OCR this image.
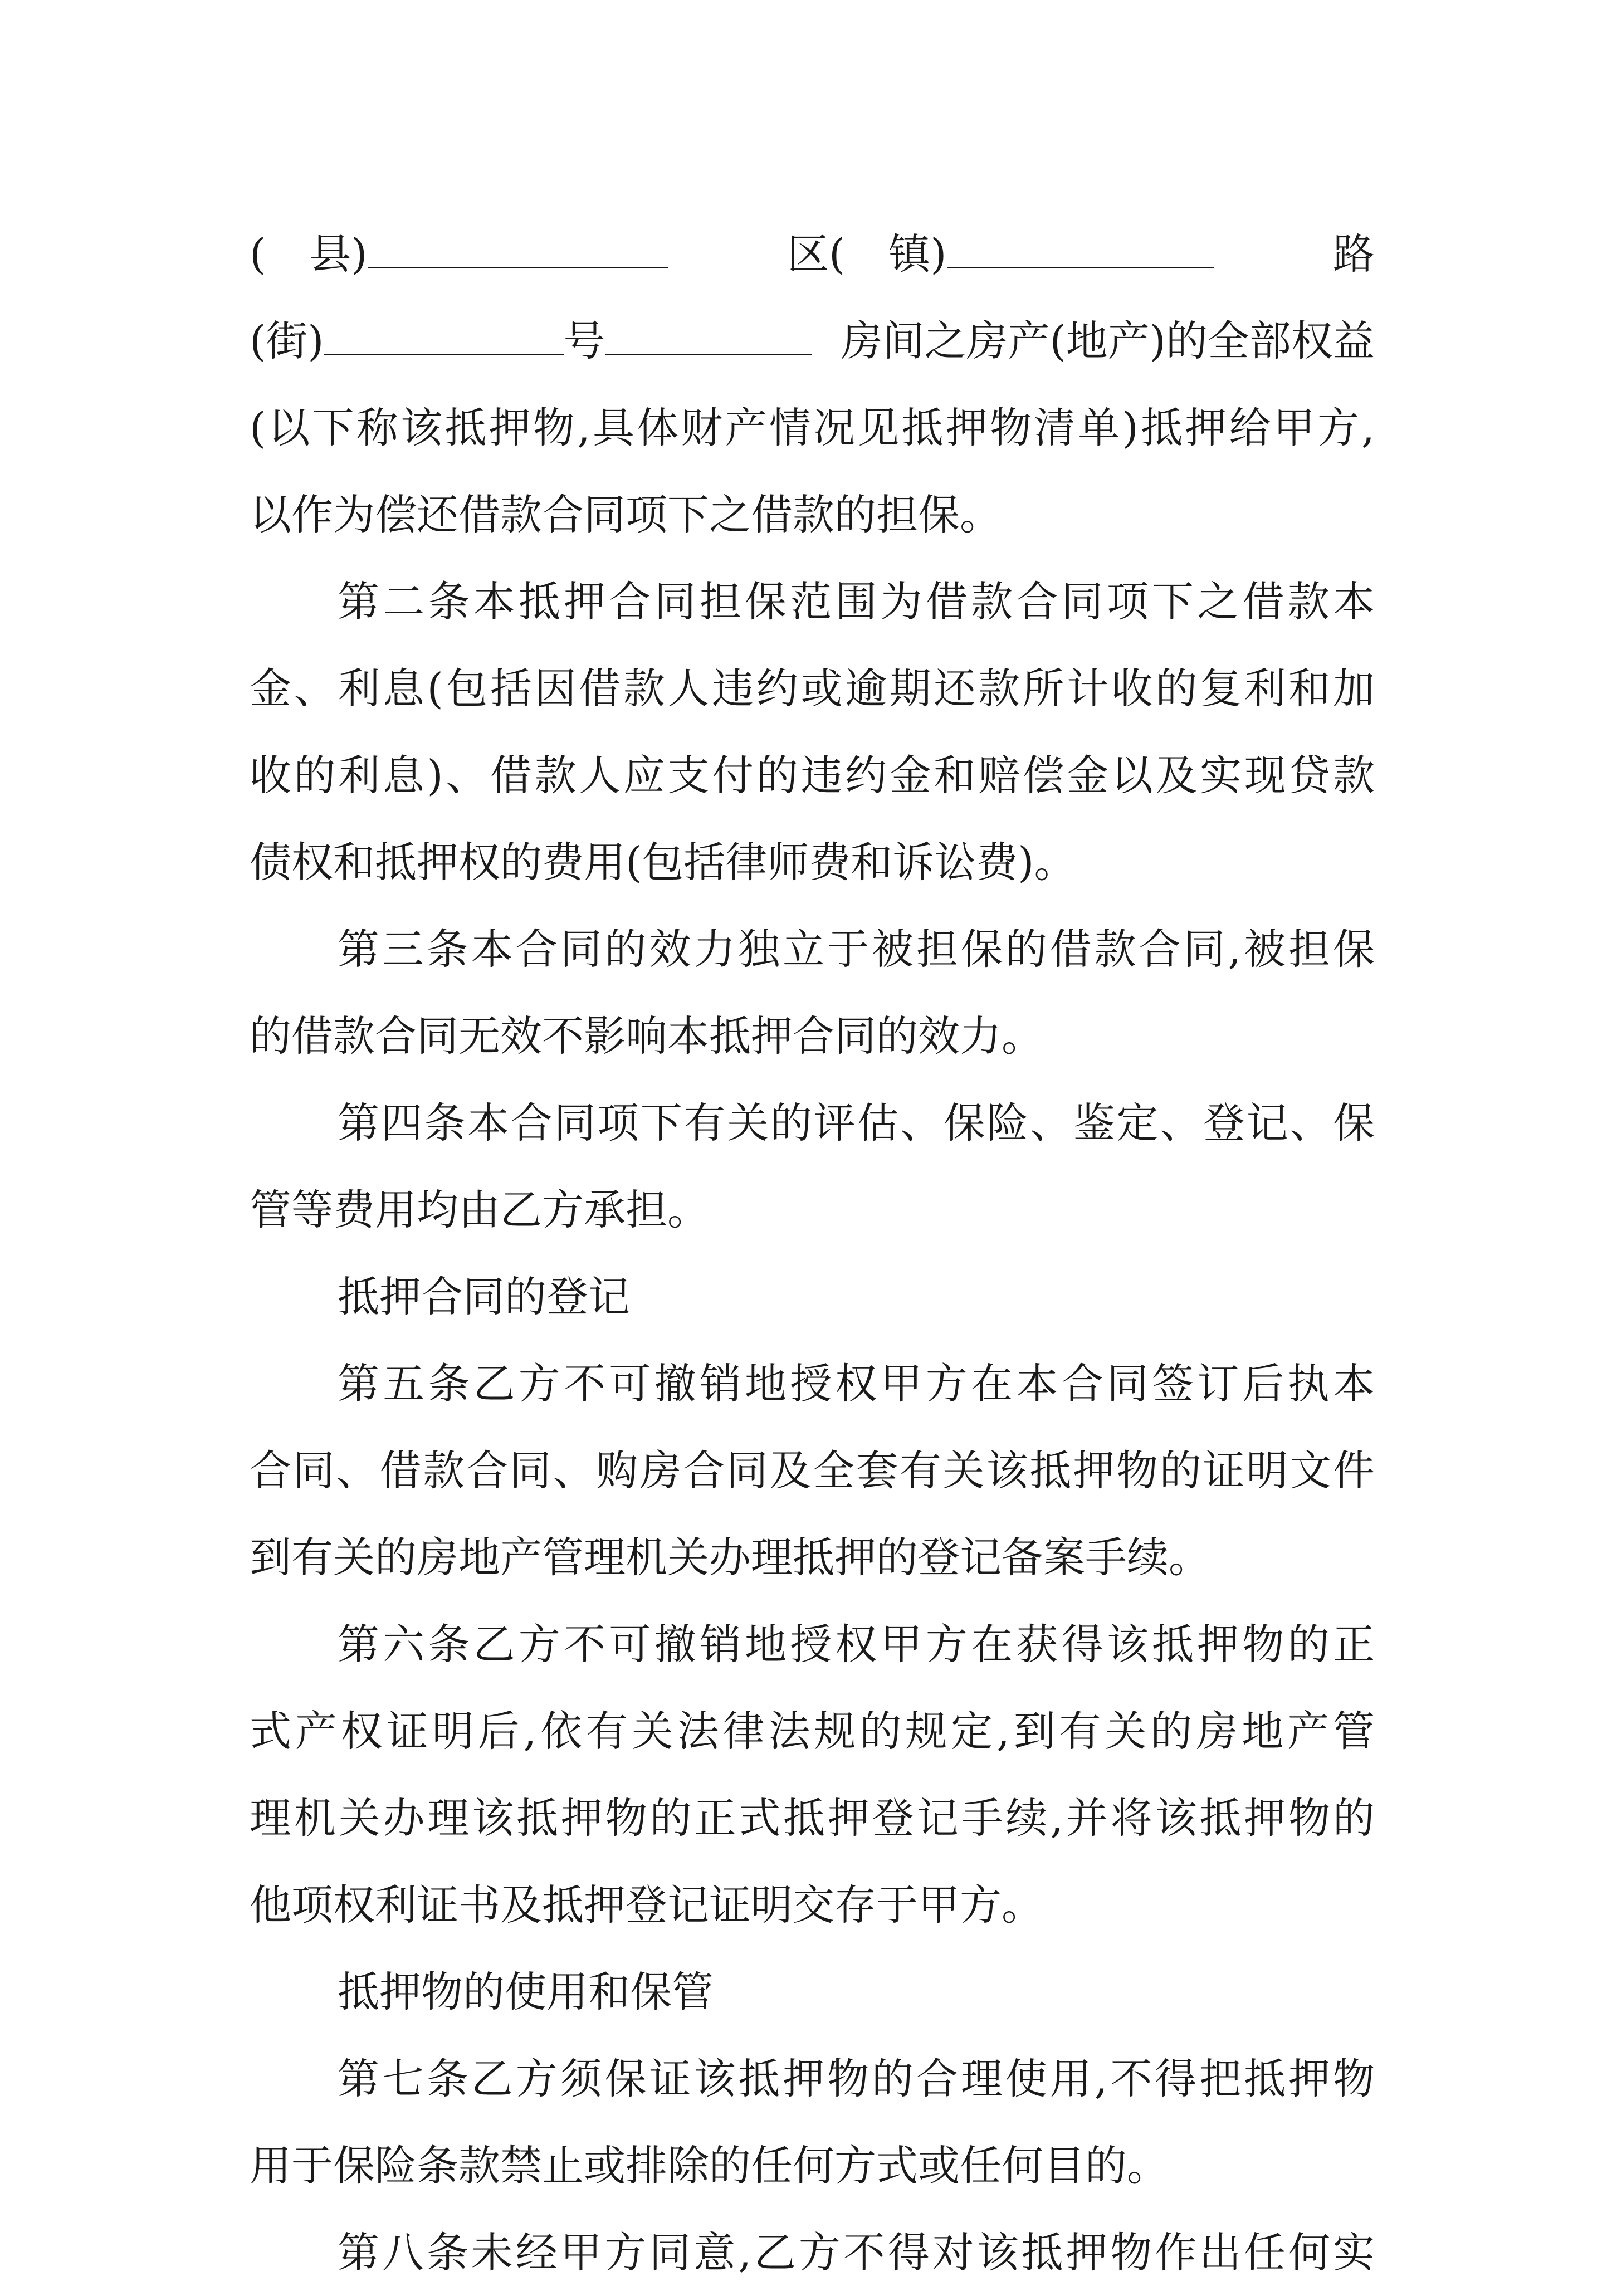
( 县 )	区 ( 镇 )	路
(街)	号	房间之房产(地产)的全部权益
(以下称该抵押物,具体财产情况见抵押物清单)抵押给甲方,
以作为偿还借款合同项下之借款的担保。
第二条本抵押合同担保范围为借款合同项下之借款本
金、利息(包括因借款人违约或逾期还款所计收的复利和加
收的利息)、借款人应支付的违约金和赔偿金以及实现贷款
债权和抵押权的费用(包括律师费和诉讼费)。
第三条本合同的效力独立于被担保的借款合同,被担保
的借款合同无效不影响本抵押合同的效力。
第四条本合同项下有关的评估、保险、鉴定、登记、保
管等费用均由乙方承担。
抵押合同的登记
第五条乙方不可撤销地授权甲方在本合同签订后执本
合同、借款合同、购房合同及全套有关该抵押物的证明文件
到有关的房地产管理机关办理抵押的登记备案手续。
第六条乙方不可撤销地授权甲方在获得该抵押物的正
式产权证明后,依有关法律法规的规定,到有关的房地产管
理机关办理该抵押物的正式抵押登记手续,并将该抵押物的
他项权利证书及抵押登记证明交存于甲方。
抵押物的使用和保管
第七条乙方须保证该抵押物的合理使用,不得把抵押物
用于保险条款禁止或排除的任何方式或任何目的。
第八条未经甲方同意,乙方不得对该抵押物作出任何实
